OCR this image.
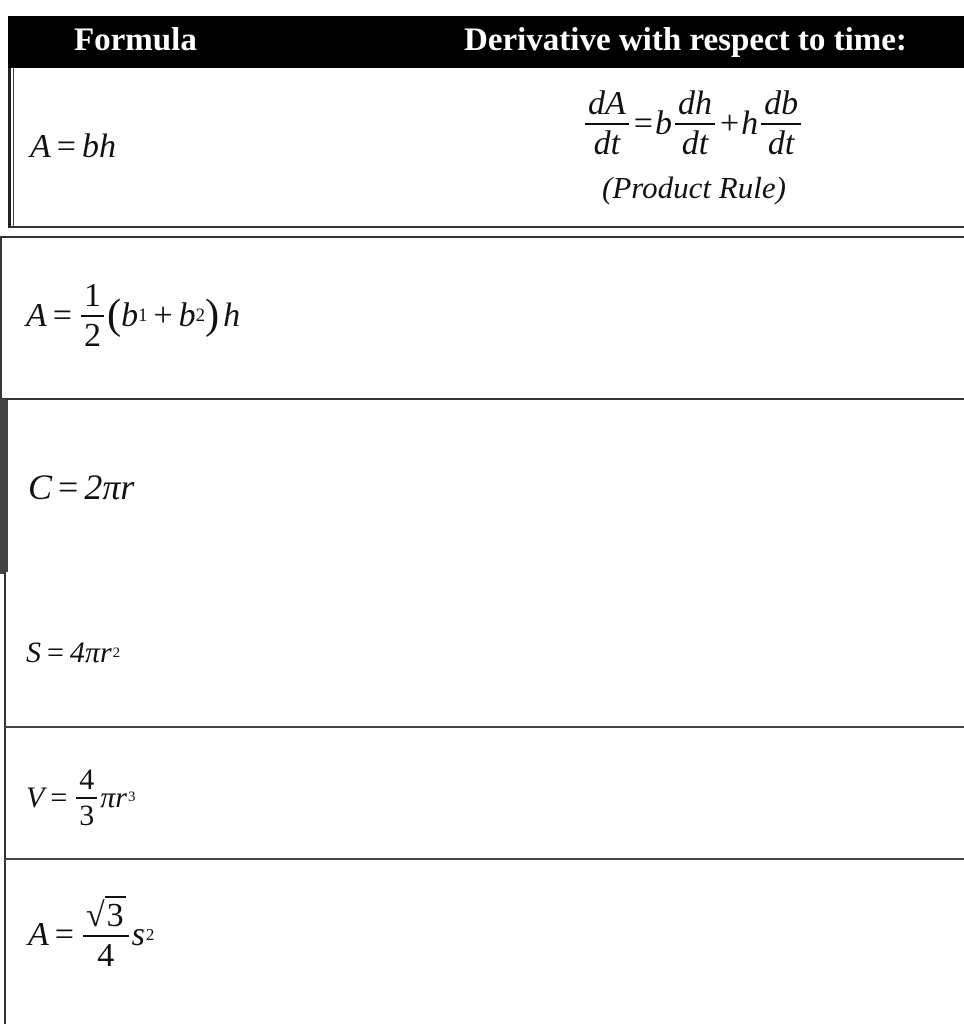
Formula	Derivative with respect to time:
A = bh	$\frac{dA}{dt} = b \frac{dh}{dt} + h \frac{db}{dt}$
(Product Rule)
$A = \frac{1}{2}$ ( b 1 + b 2 ) h
C = 2πr
S = 4πr 2
$V = \frac{4}{3}$ πr 3
$A = \frac{√ 3}{4}$ s 2
